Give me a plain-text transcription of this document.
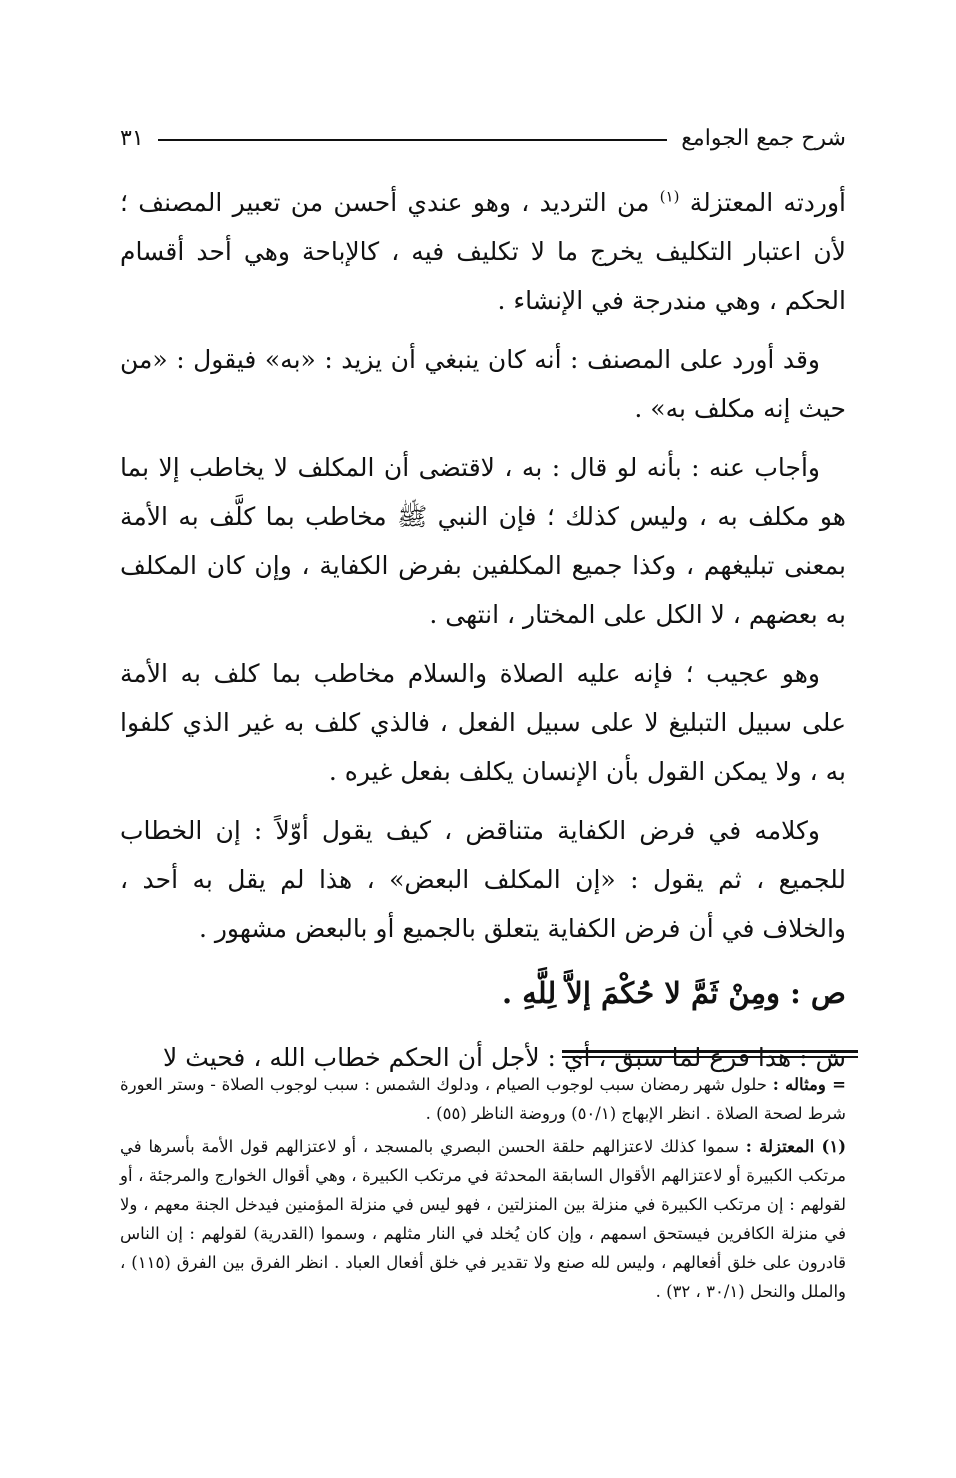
شرح جمع الجوامع
٣١

أوردته المعتزلة $^{(١)}$ من الترديد ، وهو عندي أحسن من تعبير المصنف ؛ لأن اعتبار التكليف يخرج ما لا تكليف فيه ، كالإباحة وهي أحد أقسام الحكم ، وهي مندرجة في الإنشاء .

وقد أورد على المصنف : أنه كان ينبغي أن يزيد : «به» فيقول : «من حيث إنه مكلف به» .

وأجاب عنه : بأنه لو قال : به ، لاقتضى أن المكلف لا يخاطب إلا بما هو مكلف به ، وليس كذلك ؛ فإن النبي ﷺ مخاطب بما كلَّف به الأمة بمعنى تبليغهم ، وكذا جميع المكلفين بفرض الكفاية ، وإن كان المكلف به بعضهم ، لا الكل على المختار ، انتهى .

وهو عجيب ؛ فإنه عليه الصلاة والسلام مخاطب بما كلف به الأمة على سبيل التبليغ لا على سبيل الفعل ، فالذي كلف به غير الذي كلفوا به ، ولا يمكن القول بأن الإنسان يكلف بفعل غيره .

وكلامه في فرض الكفاية متناقض ، كيف يقول أوّلاً : إن الخطاب للجميع ، ثم يقول : «إن المكلف البعض» ، هذا لم يقل به أحد ، والخلاف في أن فرض الكفاية يتعلق بالجميع أو بالبعض مشهور .

ص : ومِنْ ثَمَّ لا حُكْمَ إلاَّ لِلَّهِ .

ش : هذا فرع لما سبق ، أي : لأجل أن الحكم خطاب الله ، فحيث لا

= ومثاله : حلول شهر رمضان سبب لوجوب الصيام ، ودلوك الشمس : سبب لوجوب الصلاة - وستر العورة شرط لصحة الصلاة . انظر الإبهاج (٥٠/١) وروضة الناظر (٥٥) .

(١) المعتزلة : سموا كذلك لاعتزالهم حلقة الحسن البصري بالمسجد ، أو لاعتزالهم قول الأمة بأسرها في مرتكب الكبيرة أو لاعتزالهم الأقوال السابقة المحدثة في مرتكب الكبيرة ، وهي أقوال الخوارج والمرجئة ، أو لقولهم : إن مرتكب الكبيرة في منزلة بين المنزلتين ، فهو ليس في منزلة المؤمنين فيدخل الجنة معهم ، ولا في منزلة الكافرين فيستحق اسمهم ، وإن كان يُخلد في النار مثلهم ، وسموا (القدرية) لقولهم : إن الناس قادرون على خلق أفعالهم ، وليس لله صنع ولا تقدير في خلق أفعال العباد . انظر الفرق بين الفرق (١١٥) ، والملل والنحل (٣٠/١ ، ٣٢) .
